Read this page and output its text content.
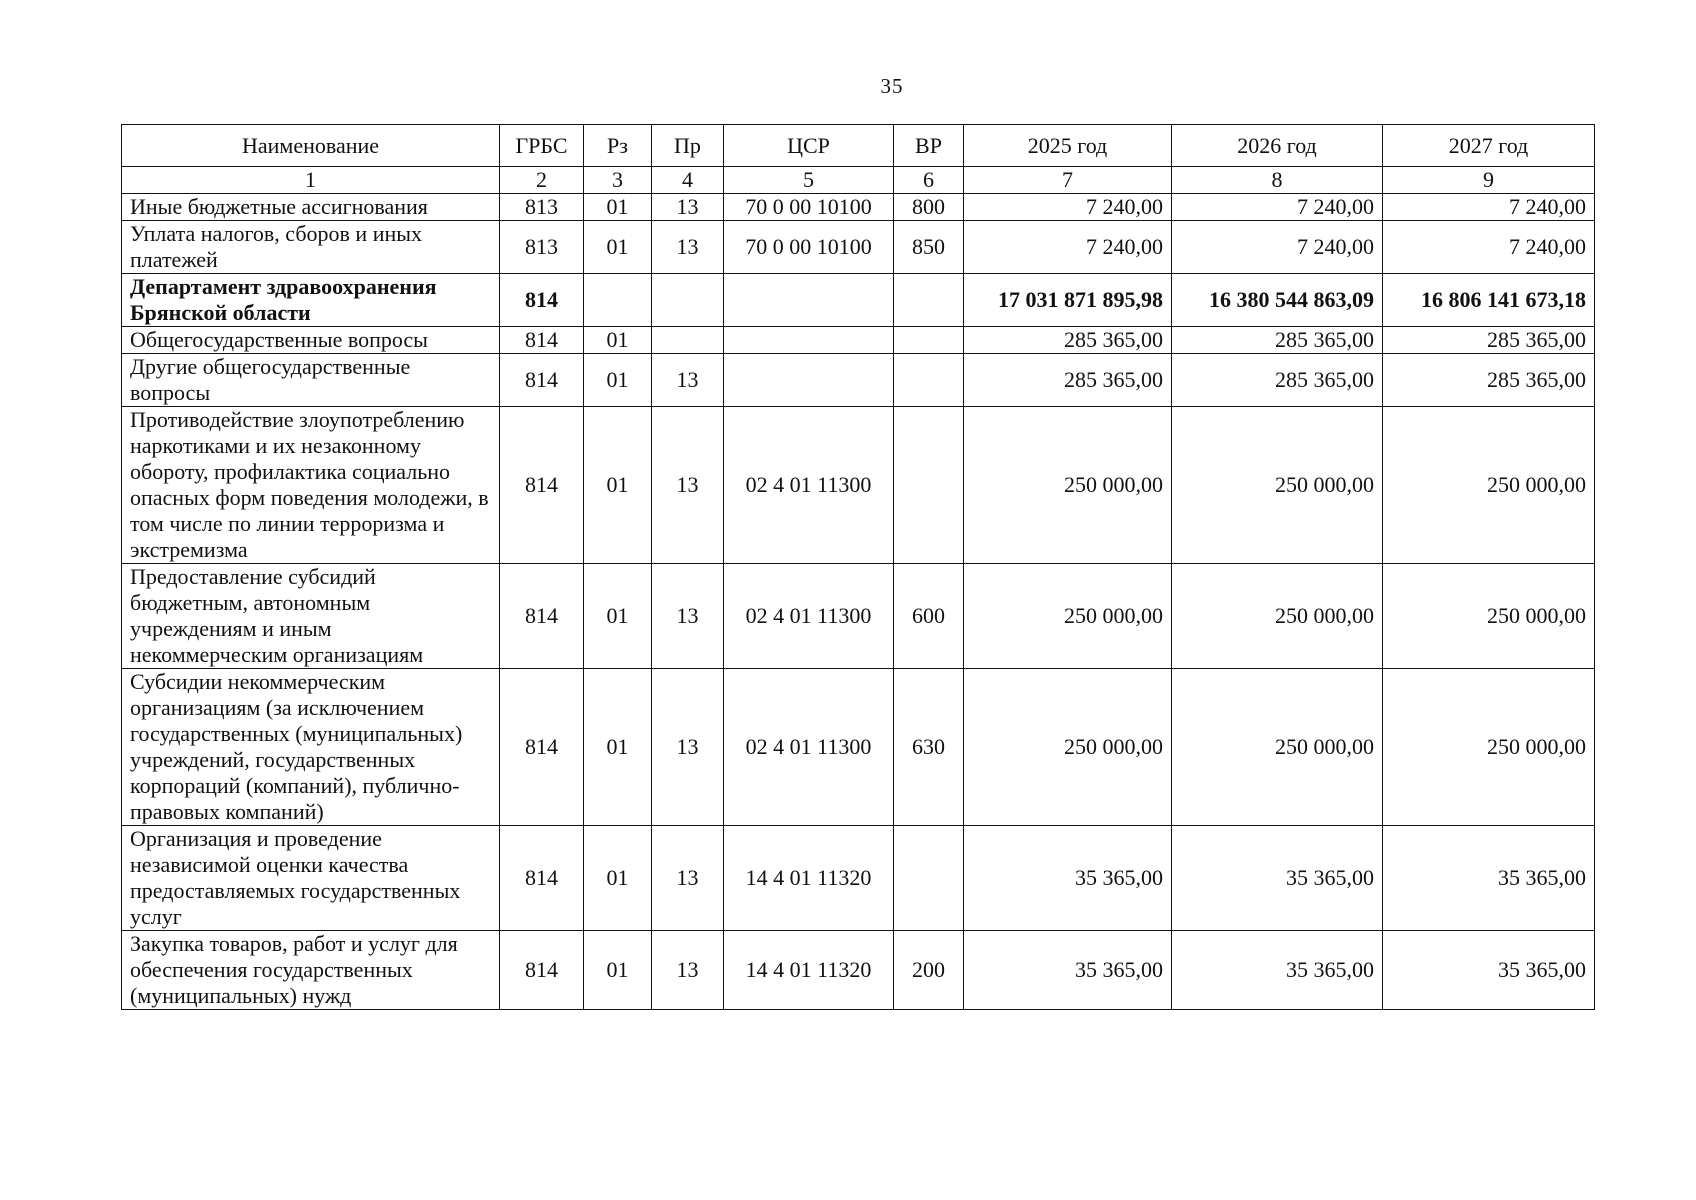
35
Наименование	ГРБС	Рз	Пр	ЦСР	ВР	2025 год	2026 год	2027 год
1	2	3	4	5	6	7	8	9
Иные бюджетные ассигнования	813	01	13	70 0 00 10100	800	7 240,00	7 240,00	7 240,00
Уплата налогов, сборов и иных платежей	813	01	13	70 0 00 10100	850	7 240,00	7 240,00	7 240,00
Департамент здравоохранения Брянской области	814					17 031 871 895,98	16 380 544 863,09	16 806 141 673,18
Общегосударственные вопросы	814	01				285 365,00	285 365,00	285 365,00
Другие общегосударственные вопросы	814	01	13			285 365,00	285 365,00	285 365,00
Противодействие злоупотреблению наркотиками и их незаконному обороту, профилактика социально опасных форм поведения молодежи, в том числе по линии терроризма и экстремизма	814	01	13	02 4 01 11300		250 000,00	250 000,00	250 000,00
Предоставление субсидий бюджетным, автономным учреждениям и иным некоммерческим организациям	814	01	13	02 4 01 11300	600	250 000,00	250 000,00	250 000,00
Субсидии некоммерческим организациям (за исключением государственных (муниципальных) учреждений, государственных корпораций (компаний), публично-правовых компаний)	814	01	13	02 4 01 11300	630	250 000,00	250 000,00	250 000,00
Организация и проведение независимой оценки качества предоставляемых государственных услуг	814	01	13	14 4 01 11320		35 365,00	35 365,00	35 365,00
Закупка товаров, работ и услуг для обеспечения государственных (муниципальных) нужд	814	01	13	14 4 01 11320	200	35 365,00	35 365,00	35 365,00
